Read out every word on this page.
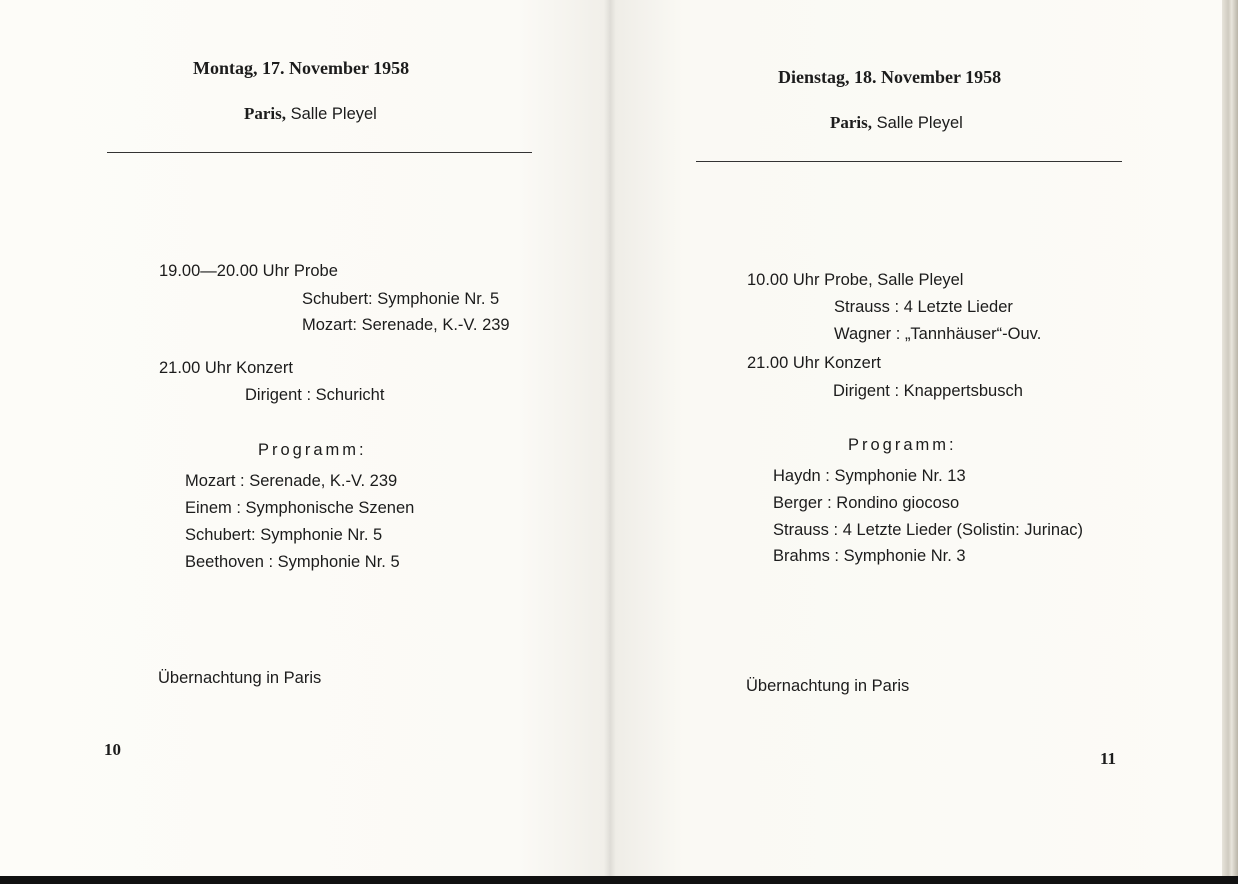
Montag, 17. November 1958
Paris, Salle Pleyel
19.00—20.00 Uhr Probe
Schubert: Symphonie Nr. 5
Mozart: Serenade, K.-V. 239
21.00 Uhr Konzert
Dirigent : Schuricht
Programm:
Mozart : Serenade, K.-V. 239
Einem : Symphonische Szenen
Schubert: Symphonie Nr. 5
Beethoven : Symphonie Nr. 5
Übernachtung in Paris
10
Dienstag, 18. November 1958
Paris, Salle Pleyel
10.00 Uhr Probe, Salle Pleyel
Strauss : 4 Letzte Lieder
Wagner : „Tannhäuser“-Ouv.
21.00 Uhr Konzert
Dirigent : Knappertsbusch
Programm:
Haydn : Symphonie Nr. 13
Berger : Rondino giocoso
Strauss : 4 Letzte Lieder (Solistin: Jurinac)
Brahms : Symphonie Nr. 3
Übernachtung in Paris
11
